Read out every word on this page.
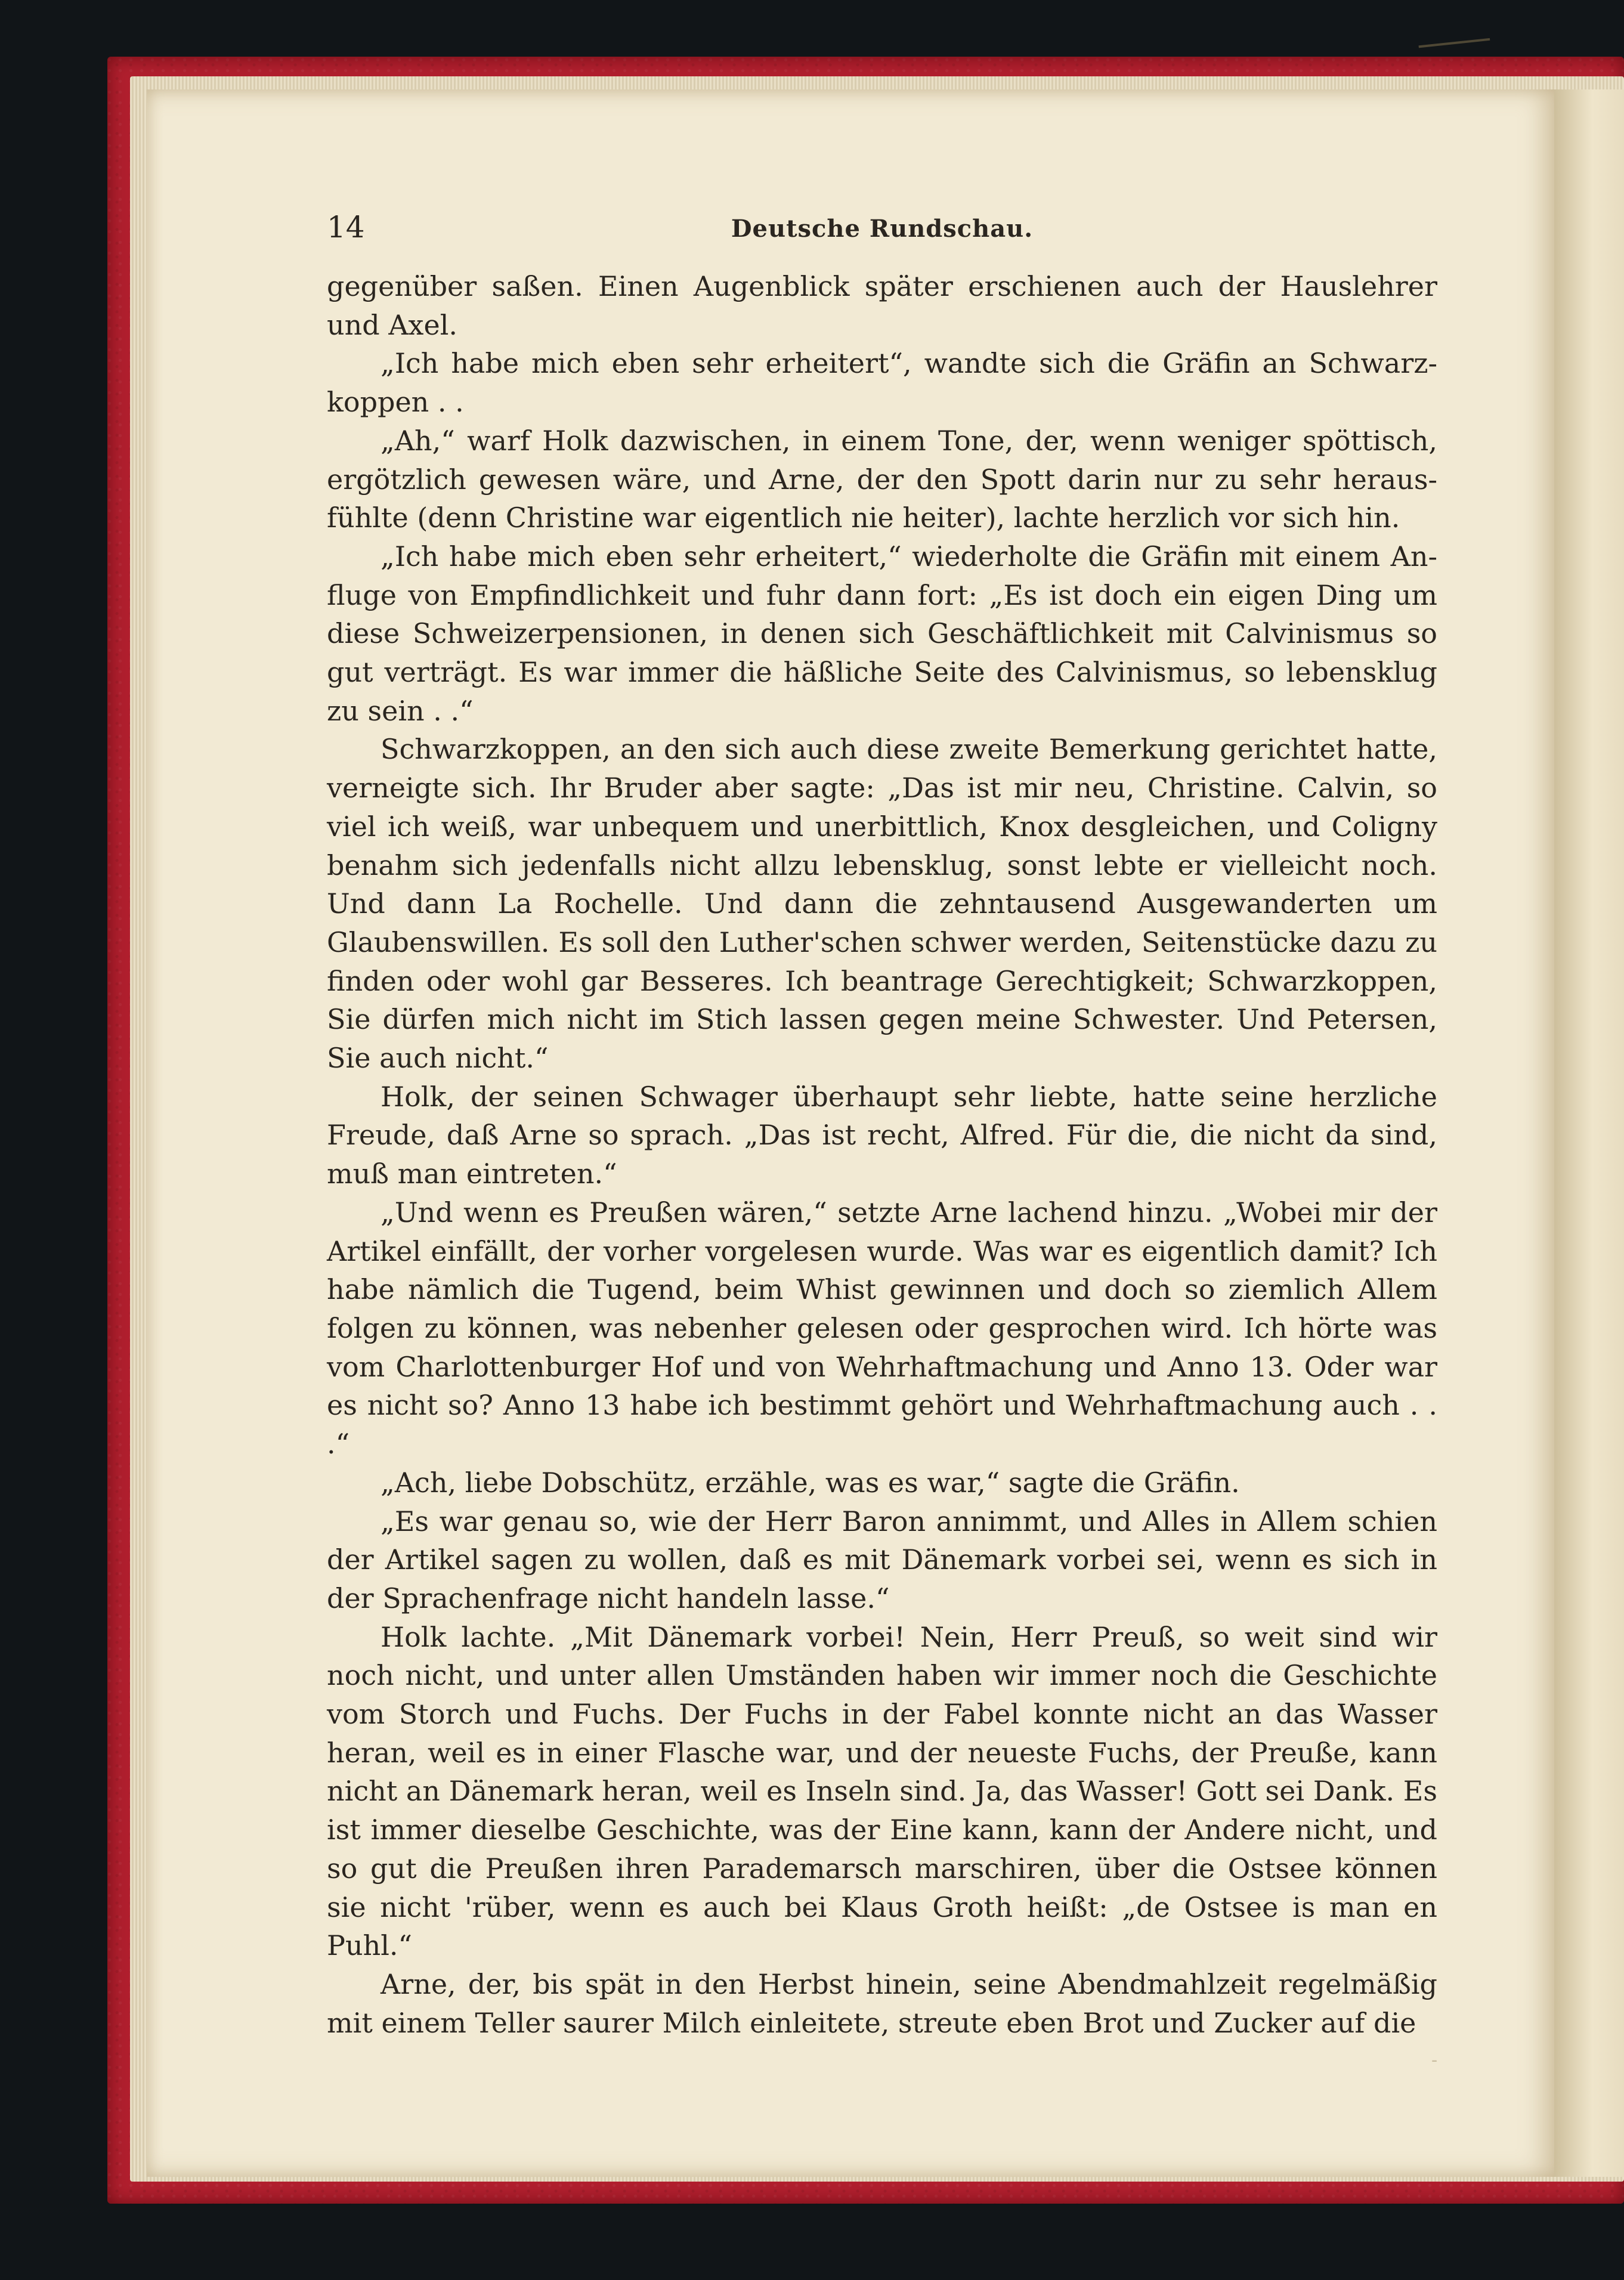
14	Deutsche Rundschau.

gegenüber saßen. Einen Augenblick später erschienen auch der Hauslehrer und Axel.

„Ich habe mich eben sehr erheitert“, wandte sich die Gräfin an Schwarzkoppen . .

„Ah,“ warf Holk dazwischen, in einem Tone, der, wenn weniger spöttisch, ergötzlich gewesen wäre, und Arne, der den Spott darin nur zu sehr herausfühlte (denn Christine war eigentlich nie heiter), lachte herzlich vor sich hin.

„Ich habe mich eben sehr erheitert,“ wiederholte die Gräfin mit einem Anfluge von Empfindlichkeit und fuhr dann fort: „Es ist doch ein eigen Ding um diese Schweizerpensionen, in denen sich Geschäftlichkeit mit Calvinismus so gut verträgt. Es war immer die häßliche Seite des Calvinismus, so lebensklug zu sein . .“

Schwarzkoppen, an den sich auch diese zweite Bemerkung gerichtet hatte, verneigte sich. Ihr Bruder aber sagte: „Das ist mir neu, Christine. Calvin, so viel ich weiß, war unbequem und unerbittlich, Knox desgleichen, und Coligny benahm sich jedenfalls nicht allzu lebensklug, sonst lebte er vielleicht noch. Und dann La Rochelle. Und dann die zehntausend Ausgewanderten um Glaubenswillen. Es soll den Luther'schen schwer werden, Seitenstücke dazu zu finden oder wohl gar Besseres. Ich beantrage Gerechtigkeit; Schwarzkoppen, Sie dürfen mich nicht im Stich lassen gegen meine Schwester. Und Petersen, Sie auch nicht.“

Holk, der seinen Schwager überhaupt sehr liebte, hatte seine herzliche Freude, daß Arne so sprach. „Das ist recht, Alfred. Für die, die nicht da sind, muß man eintreten.“

„Und wenn es Preußen wären,“ setzte Arne lachend hinzu. „Wobei mir der Artikel einfällt, der vorher vorgelesen wurde. Was war es eigentlich damit? Ich habe nämlich die Tugend, beim Whist gewinnen und doch so ziemlich Allem folgen zu können, was nebenher gelesen oder gesprochen wird. Ich hörte was vom Charlottenburger Hof und von Wehrhaftmachung und Anno 13. Oder war es nicht so? Anno 13 habe ich bestimmt gehört und Wehrhaftmachung auch . . .“

„Ach, liebe Dobschütz, erzähle, was es war,“ sagte die Gräfin.

„Es war genau so, wie der Herr Baron annimmt, und Alles in Allem schien der Artikel sagen zu wollen, daß es mit Dänemark vorbei sei, wenn es sich in der Sprachenfrage nicht handeln lasse.“

Holk lachte. „Mit Dänemark vorbei! Nein, Herr Preuß, so weit sind wir noch nicht, und unter allen Umständen haben wir immer noch die Geschichte vom Storch und Fuchs. Der Fuchs in der Fabel konnte nicht an das Wasser heran, weil es in einer Flasche war, und der neueste Fuchs, der Preuße, kann nicht an Dänemark heran, weil es Inseln sind. Ja, das Wasser! Gott sei Dank. Es ist immer dieselbe Geschichte, was der Eine kann, kann der Andere nicht, und so gut die Preußen ihren Parademarsch marschiren, über die Ostsee können sie nicht 'rüber, wenn es auch bei Klaus Groth heißt: „de Ostsee is man en Puhl.“

Arne, der, bis spät in den Herbst hinein, seine Abendmahlzeit regelmäßig mit einem Teller saurer Milch einleitete, streute eben Brot und Zucker auf die

‐
